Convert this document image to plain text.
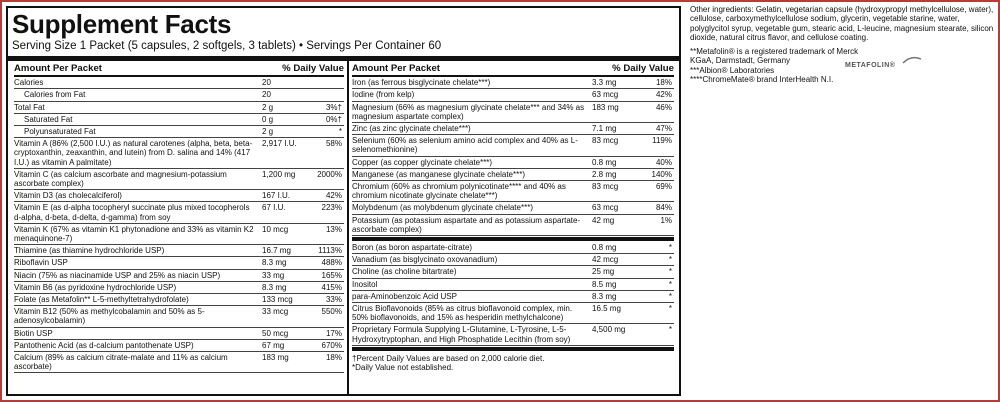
Supplement Facts
Serving Size 1 Packet (5 capsules, 2 softgels, 3 tablets) • Servings Per Container 60
Amount Per Packet	% Daily Value
Calories	20
Calories from Fat	20
Total Fat	2 g	3%†
Saturated Fat	0 g	0%†
Polyunsaturated Fat	2 g	*
Vitamin A (86% (2,500 I.U.) as natural carotenes (alpha, beta, beta-cryptoxanthin, zeaxanthin, and lutein) from D. salina and 14% (417 I.U.) as vitamin A palmitate)
2,917 I.U.	58%
Vitamin C (as calcium ascorbate and magnesium-potassium ascorbate complex)
1,200 mg	2000%
Vitamin D3 (as cholecalciferol)	167 I.U.	42%
Vitamin E (as d-alpha tocopheryl succinate plus mixed tocopherols d-alpha, d-beta, d-delta, d-gamma) from soy
67 I.U.	223%
Vitamin K (67% as vitamin K1 phytonadione and 33% as vitamin K2 menaquinone-7)
10 mcg	13%
Thiamine (as thiamine hydrochloride USP)	16.7 mg	1113%
Riboflavin USP	8.3 mg	488%
Niacin (75% as niacinamide USP and 25% as niacin USP)	33 mg	165%
Vitamin B6 (as pyridoxine hydrochloride USP)	8.3 mg	415%
Folate (as Metafolin** L-5-methyltetrahydrofolate)	133 mcg	33%
Vitamin B12 (50% as methylcobalamin and 50% as 5-adenosylcobalamin)
33 mcg	550%
Biotin USP	50 mcg	17%
Pantothenic Acid (as d-calcium pantothenate USP)	67 mg	670%
Calcium (89% as calcium citrate-malate and 11% as calcium ascorbate)
183 mg	18%
Amount Per Packet	% Daily Value
Iron (as ferrous bisglycinate chelate***)	3.3 mg	18%
Iodine (from kelp)	63 mcg	42%
Magnesium (66% as magnesium glycinate chelate*** and 34% as magnesium aspartate complex)
183 mg	46%
Zinc (as zinc glycinate chelate***)	7.1 mg	47%
Selenium (60% as selenium amino acid complex and 40% as L-selenomethionine)
83 mcg	119%
Copper (as copper glycinate chelate***)	0.8 mg	40%
Manganese (as manganese glycinate chelate***)	2.8 mg	140%
Chromium (60% as chromium polynicotinate**** and 40% as chromium nicotinate glycinate chelate***)
83 mcg	69%
Molybdenum (as molybdenum glycinate chelate***)	63 mcg	84%
Potassium (as potassium aspartate and as potassium aspartate-ascorbate complex)
42 mg	1%
Boron (as boron aspartate-citrate)	0.8 mg	*
Vanadium (as bisglycinato oxovanadium)	42 mcg	*
Choline (as choline bitartrate)	25 mg	*
Inositol	8.5 mg	*
para-Aminobenzoic Acid USP	8.3 mg	*
Citrus Bioflavonoids (85% as citrus bioflavonoid complex, min. 50% bioflavonoids, and 15% as hesperidin methylchalcone)
16.5 mg	*
Proprietary Formula Supplying L-Glutamine, L-Tyrosine, L-5-Hydroxytryptophan, and High Phosphatide Lecithin (from soy)
4,500 mg	*
†Percent Daily Values are based on 2,000 calorie diet.
*Daily Value not established.
Other ingredients: Gelatin, vegetarian capsule (hydroxypropyl methylcellulose, water), cellulose, carboxymethylcellulose sodium, glycerin, vegetable starine, water, polyglycitol syrup, vegetable gum, stearic acid, L-leucine, magnesium stearate, silicon dioxide, natural citrus flavor, and cellulose coating.
**Metafolin® is a registered trademark of Merck KGaA, Darmstadt, Germany
***Albion® Laboratories
****ChromeMate® brand InterHealth N.I.
METAFOLIN®
